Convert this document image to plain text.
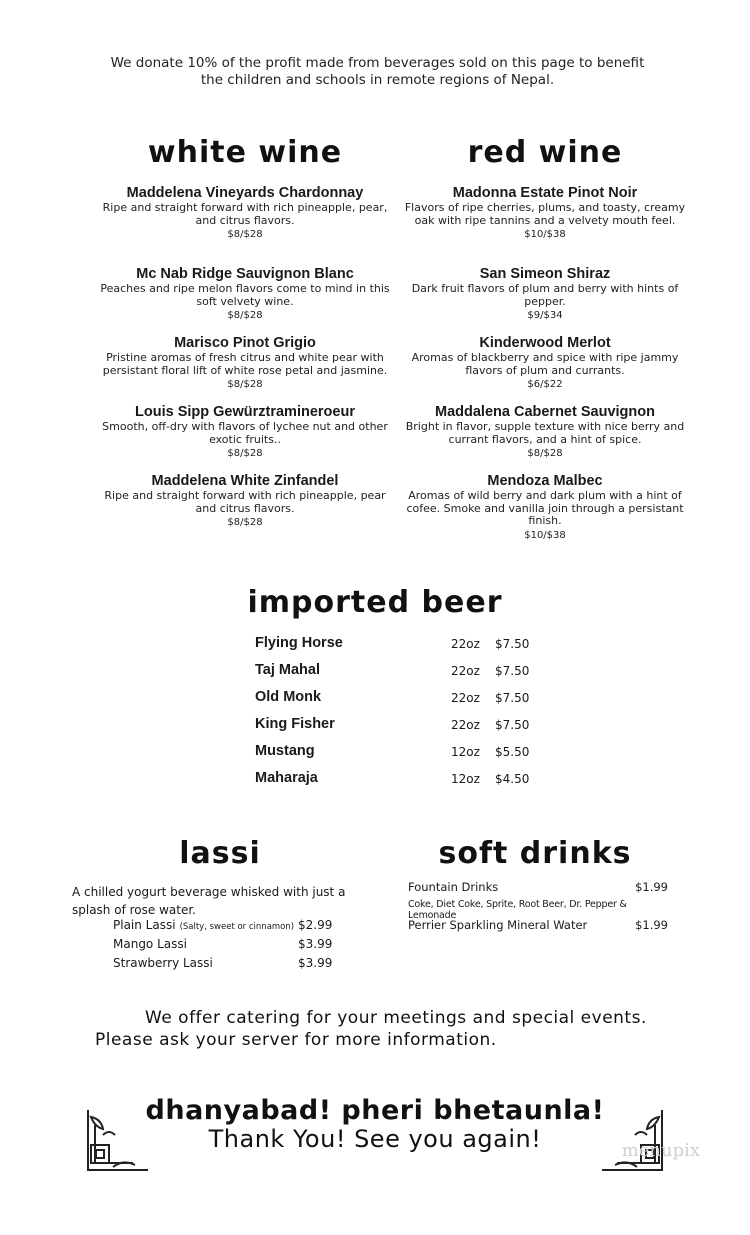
We donate 10% of the profit made from beverages sold on this page to benefit the children and schools in remote regions of Nepal.
white wine
Maddelena Vineyards Chardonnay
Ripe and straight forward with rich pineapple, pear, and citrus flavors.
$8/$28
Mc Nab Ridge Sauvignon Blanc
Peaches and ripe melon flavors come to mind in this soft velvety wine.
$8/$28
Marisco Pinot Grigio
Pristine aromas of fresh citrus and white pear with persistant floral lift of white rose petal and jasmine.
$8/$28
Louis Sipp Gewürztramineroeur
Smooth, off-dry with flavors of lychee nut and other exotic fruits..
$8/$28
Maddelena White Zinfandel
Ripe and straight forward with rich pineapple, pear and citrus flavors.
$8/$28
red wine
Madonna Estate Pinot Noir
Flavors of ripe cherries, plums, and toasty, creamy oak with ripe tannins and a velvety mouth feel.
$10/$38
San Simeon Shiraz
Dark fruit flavors of plum and berry with hints of pepper.
$9/$34
Kinderwood Merlot
Aromas of blackberry and spice with ripe jammy flavors of plum and currants.
$6/$22
Maddalena Cabernet Sauvignon
Bright in flavor, supple texture with nice berry and currant flavors, and a hint of spice.
$8/$28
Mendoza Malbec
Aromas of wild berry and dark plum with a hint of cofee. Smoke and vanilla join through a persistant finish.
$10/$38
imported beer
Flying Horse	22oz $7.50
Taj Mahal	22oz $7.50
Old Monk	22oz $7.50
King Fisher	22oz $7.50
Mustang	12oz $5.50
Maharaja	12oz $4.50
lassi
A chilled yogurt beverage whisked with just a splash of rose water.
Plain Lassi (Salty, sweet or cinnamon) $2.99
Mango Lassi	$3.99
Strawberry Lassi	$3.99
soft drinks
Fountain Drinks	$1.99
Coke, Diet Coke, Sprite, Root Beer, Dr. Pepper & Lemonade
Perrier Sparkling Mineral Water	$1.99
We offer catering for your meetings and special events.
Please ask your server for more information.
dhanyabad! pheri bhetaunla!
Thank You! See you again!	menupix
